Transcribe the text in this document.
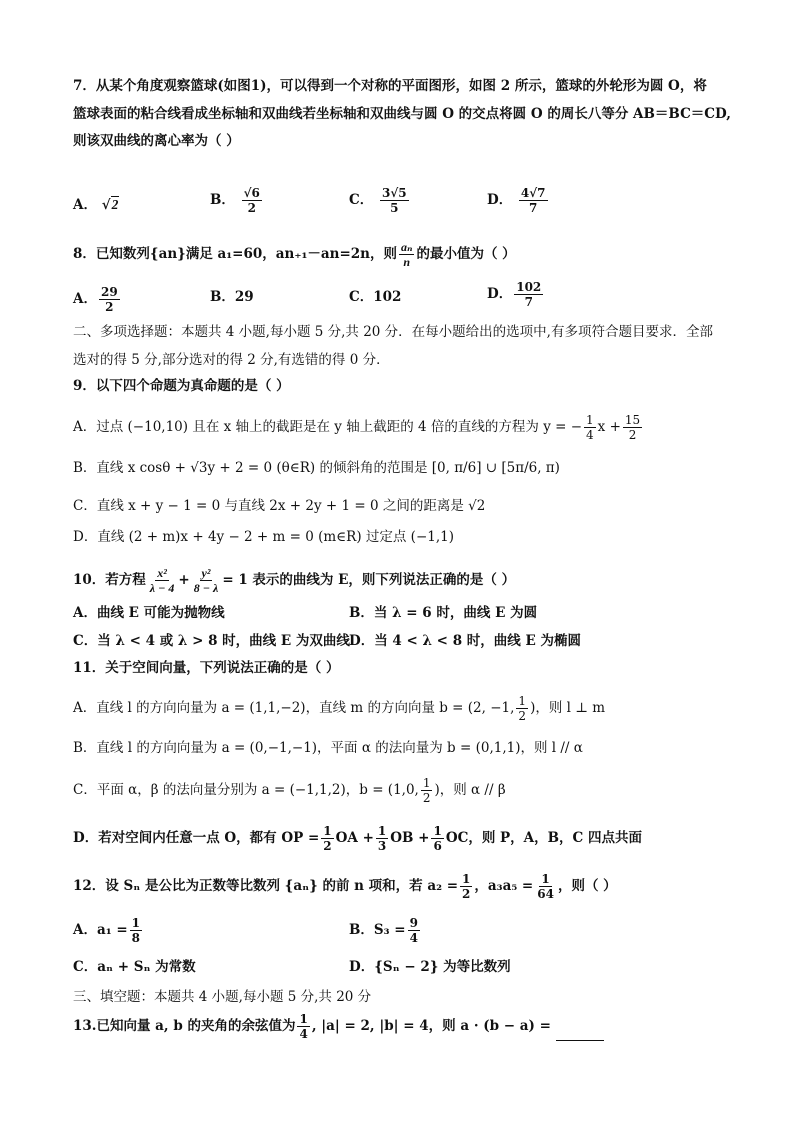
7．从某个角度观察篮球(如图1)，可以得到一个对称的平面图形，如图 2 所示，篮球的外轮形为圆 O，将
篮球表面的粘合线看成坐标轴和双曲线若坐标轴和双曲线与圆 O 的交点将圆 O 的周长八等分 AB＝BC＝CD,
则该双曲线的离心率为（ ）
A． √2	B． $\frac{√6}{2}$	C． $\frac{3√5}{5}$	D． $\frac{4√7}{7}$
8．已知数列{an}满足 a₁=60，an₊₁－an=2n，则 $\frac{\text{aₙ}}{n}$ 的最小值为（ ）
A． $\frac{29}{2}$	B．29	C．102	D． $\frac{102}{7}$
二、多项选择题：本题共 4 小题,每小题 5 分,共 20 分．在每小题给出的选项中,有多项符合题目要求．全部
选对的得 5 分,部分选对的得 2 分,有选错的得 0 分．
9．以下四个命题为真命题的是（ ）
A．过点 (−10,10) 且在 x 轴上的截距是在 y 轴上截距的 4 倍的直线的方程为 y = − $\frac{1}{4}$ $x + \frac{15}{2}$
B．直线 x cosθ + √3y + 2 = 0 (θ∈R) 的倾斜角的范围是 [0, π/6] ∪ [5π/6, π)
C．直线 x + y − 1 = 0 与直线 2x + 2y + 1 = 0 之间的距离是 √2
D．直线 (2 + m)x + 4y − 2 + m = 0 (m∈R) 过定点 (−1,1)
10．若方程 $\frac{\text{x²}}{\lambda - 4} + \frac{\text{y²}}{8 - \lambda} = 1$ 表示的曲线为 E，则下列说法正确的是（ ）
A．曲线 E 可能为抛物线	B．当 λ = 6 时，曲线 E 为圆
C．当 λ < 4 或 λ > 8 时，曲线 E 为双曲线 D．当 4 < λ < 8 时，曲线 E 为椭圆
11．关于空间向量，下列说法正确的是（ ）
A．直线 l 的方向向量为 a = (1,1,−2)，直线 m 的方向向量 b = (2, −1, $\frac{1}{2}$ )，则 l ⊥ m
B．直线 l 的方向向量为 a = (0,−1,−1)，平面 α 的法向量为 b = (0,1,1)，则 l // α
C．平面 α，β 的法向量分别为 a = (−1,1,2)，b = (1,0, $\frac{1}{2}$ )，则 α // β
D．若对空间内任意一点 O，都有 OP = $\frac{1}{2}$ OA + $\frac{1}{3}$ OB + $\frac{1}{6}$ OC，则 P，A，B，C 四点共面
12．设 Sₙ 是公比为正数等比数列 {aₙ} 的前 n 项和，若 $a_2 = \frac{1}{2}$ ，$a_3a_5 = \frac{1}{64}$ ，则（ ）
A．$a_1 = \frac{1}{8}$	B．$S_3 = \frac{9}{4}$
C．aₙ + Sₙ 为常数	D．{Sₙ − 2} 为等比数列
三、填空题：本题共 4 小题,每小题 5 分,共 20 分
13.已知向量 a, b 的夹角的余弦值为 $\frac{1}{4}$ , |a| = 2, |b| = 4，则 a · (b − a) =
